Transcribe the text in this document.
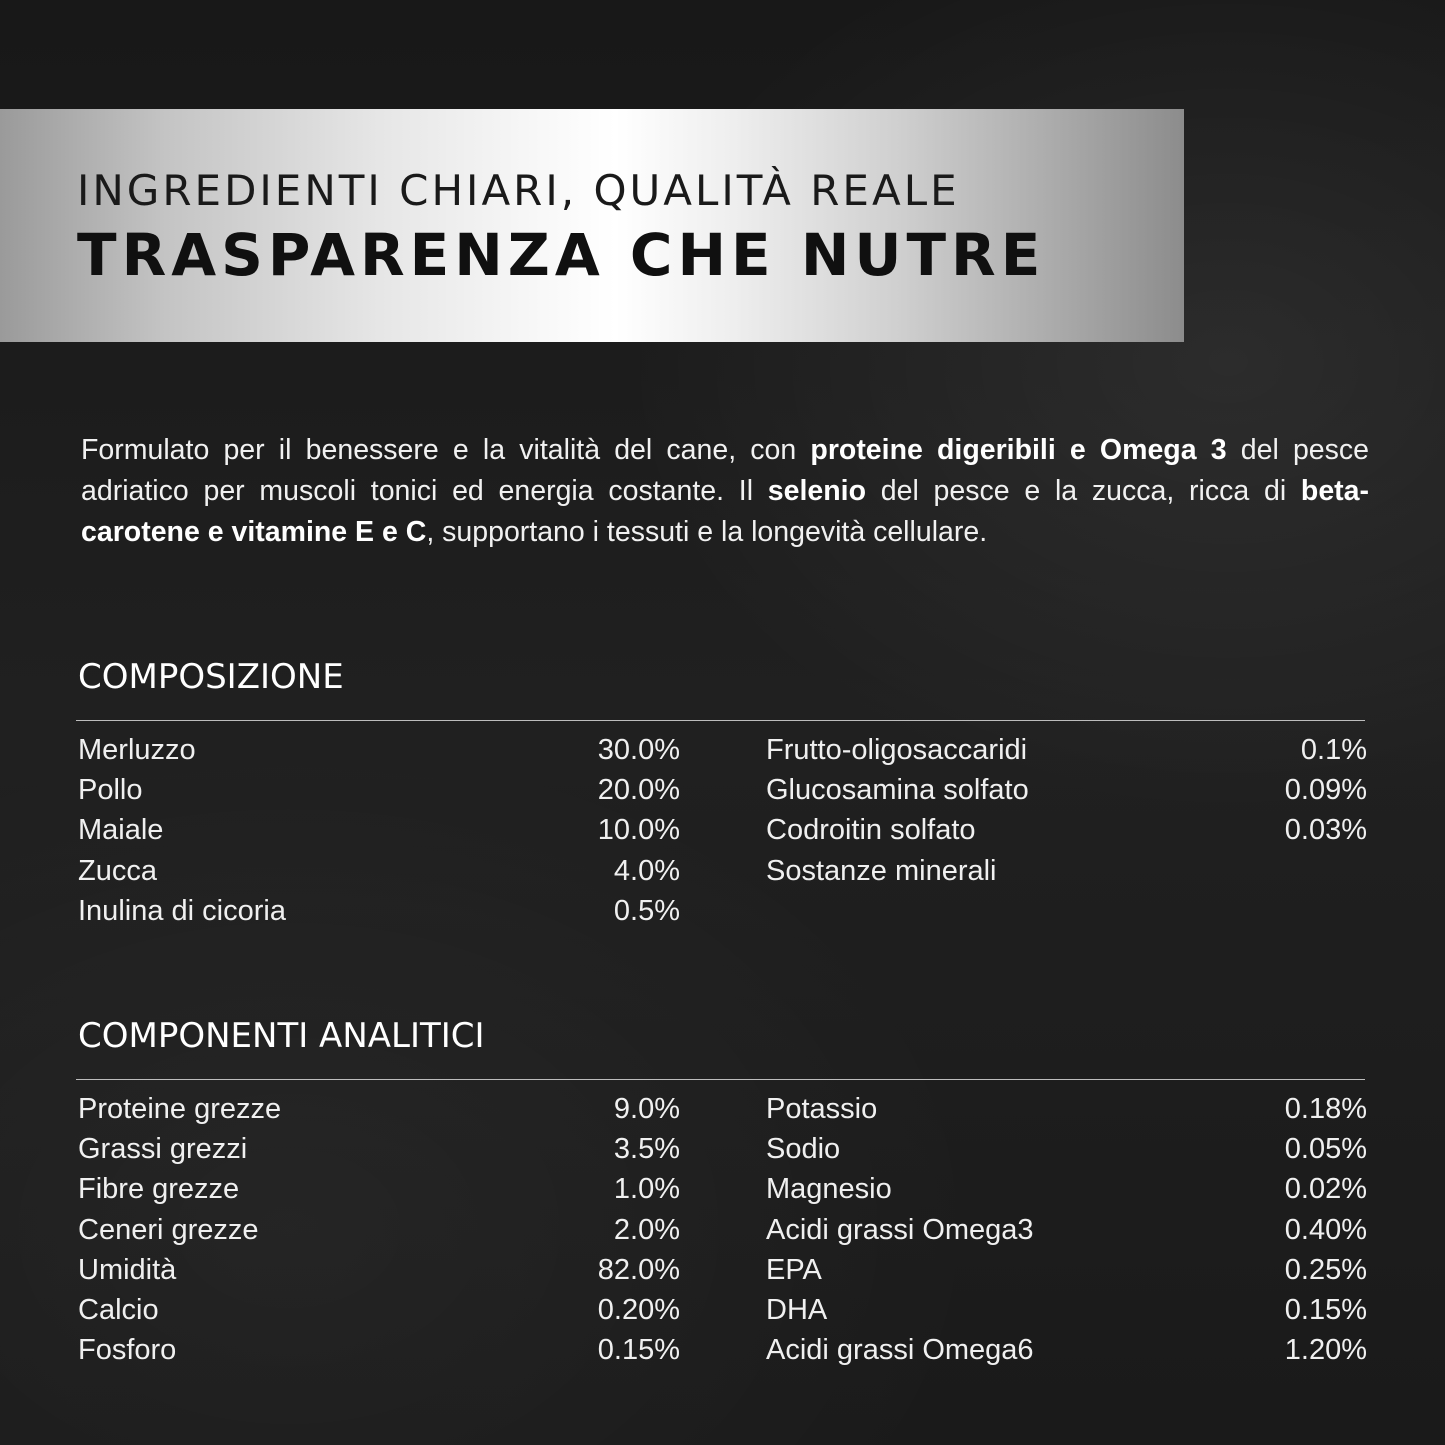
INGREDIENTI CHIARI, QUALITÀ REALE
TRASPARENZA CHE NUTRE

Formulato per il benessere e la vitalità del cane, con proteine digeribili e Omega 3 del pesce adriatico per muscoli tonici ed energia costante. Il selenio del pesce e la zucca, ricca di beta-carotene e vitamine E e C, supportano i tessuti e la longevità cellulare.

COMPOSIZIONE
Merluzzo	30.0%
Pollo	20.0%
Maiale	10.0%
Zucca	4.0%
Inulina di cicoria	0.5%
Frutto-oligosaccaridi	0.1%
Glucosamina solfato	0.09%
Codroitin solfato	0.03%
Sostanze minerali
COMPONENTI ANALITICI
Proteine grezze	9.0%
Grassi grezzi	3.5%
Fibre grezze	1.0%
Ceneri grezze	2.0%
Umidità	82.0%
Calcio	0.20%
Fosforo	0.15%
Potassio	0.18%
Sodio	0.05%
Magnesio	0.02%
Acidi grassi Omega3	0.40%
EPA	0.25%
DHA	0.15%
Acidi grassi Omega6	1.20%
